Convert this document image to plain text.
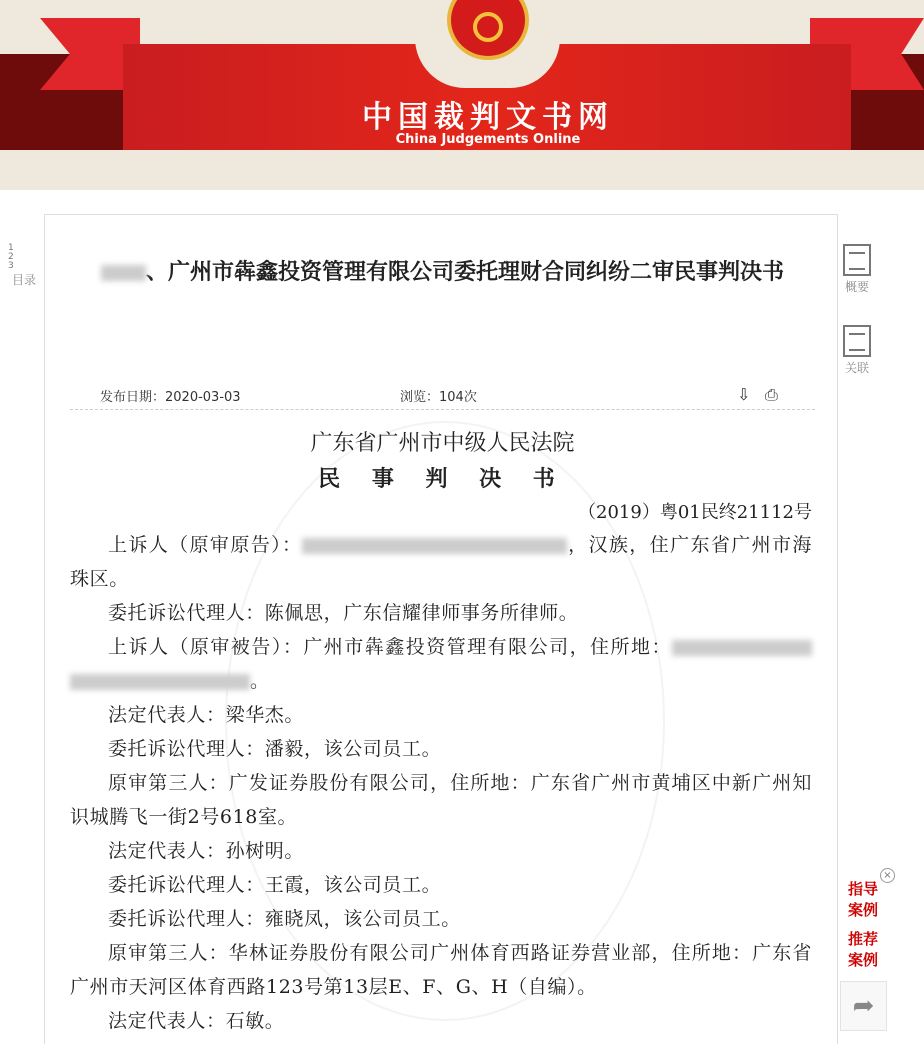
中国裁判文书网
China Judgements Online
1 2 3
目录	、广州市犇鑫投资管理有限公司委托理财合同纠纷二审民事判决书
发布日期：2020-03-03	浏览：104次	⇩ ⎙
广东省广州市中级人民法院
民 事 判 决 书
（2019）粤01民终21112号

上诉人（原审原告）：	，汉族，住广东省广州市海珠区。

委托诉讼代理人：陈佩思，广东信耀律师事务所律师。

上诉人（原审被告）：广州市犇鑫投资管理有限公司，住所地： 。

法定代表人：梁华杰。

委托诉讼代理人：潘毅，该公司员工。

原审第三人：广发证券股份有限公司，住所地：广东省广州市黄埔区中新广州知识城腾飞一街2号618室。

法定代表人：孙树明。

委托诉讼代理人：王霞，该公司员工。

委托诉讼代理人：雍晓凤，该公司员工。

原审第三人：华林证券股份有限公司广州体育西路证券营业部，住所地：广东省广州市天河区体育西路123号第13层E、F、G、H（自编）。

法定代表人：石敏。

概要
关联
×
指导案例
推荐案例
➦
